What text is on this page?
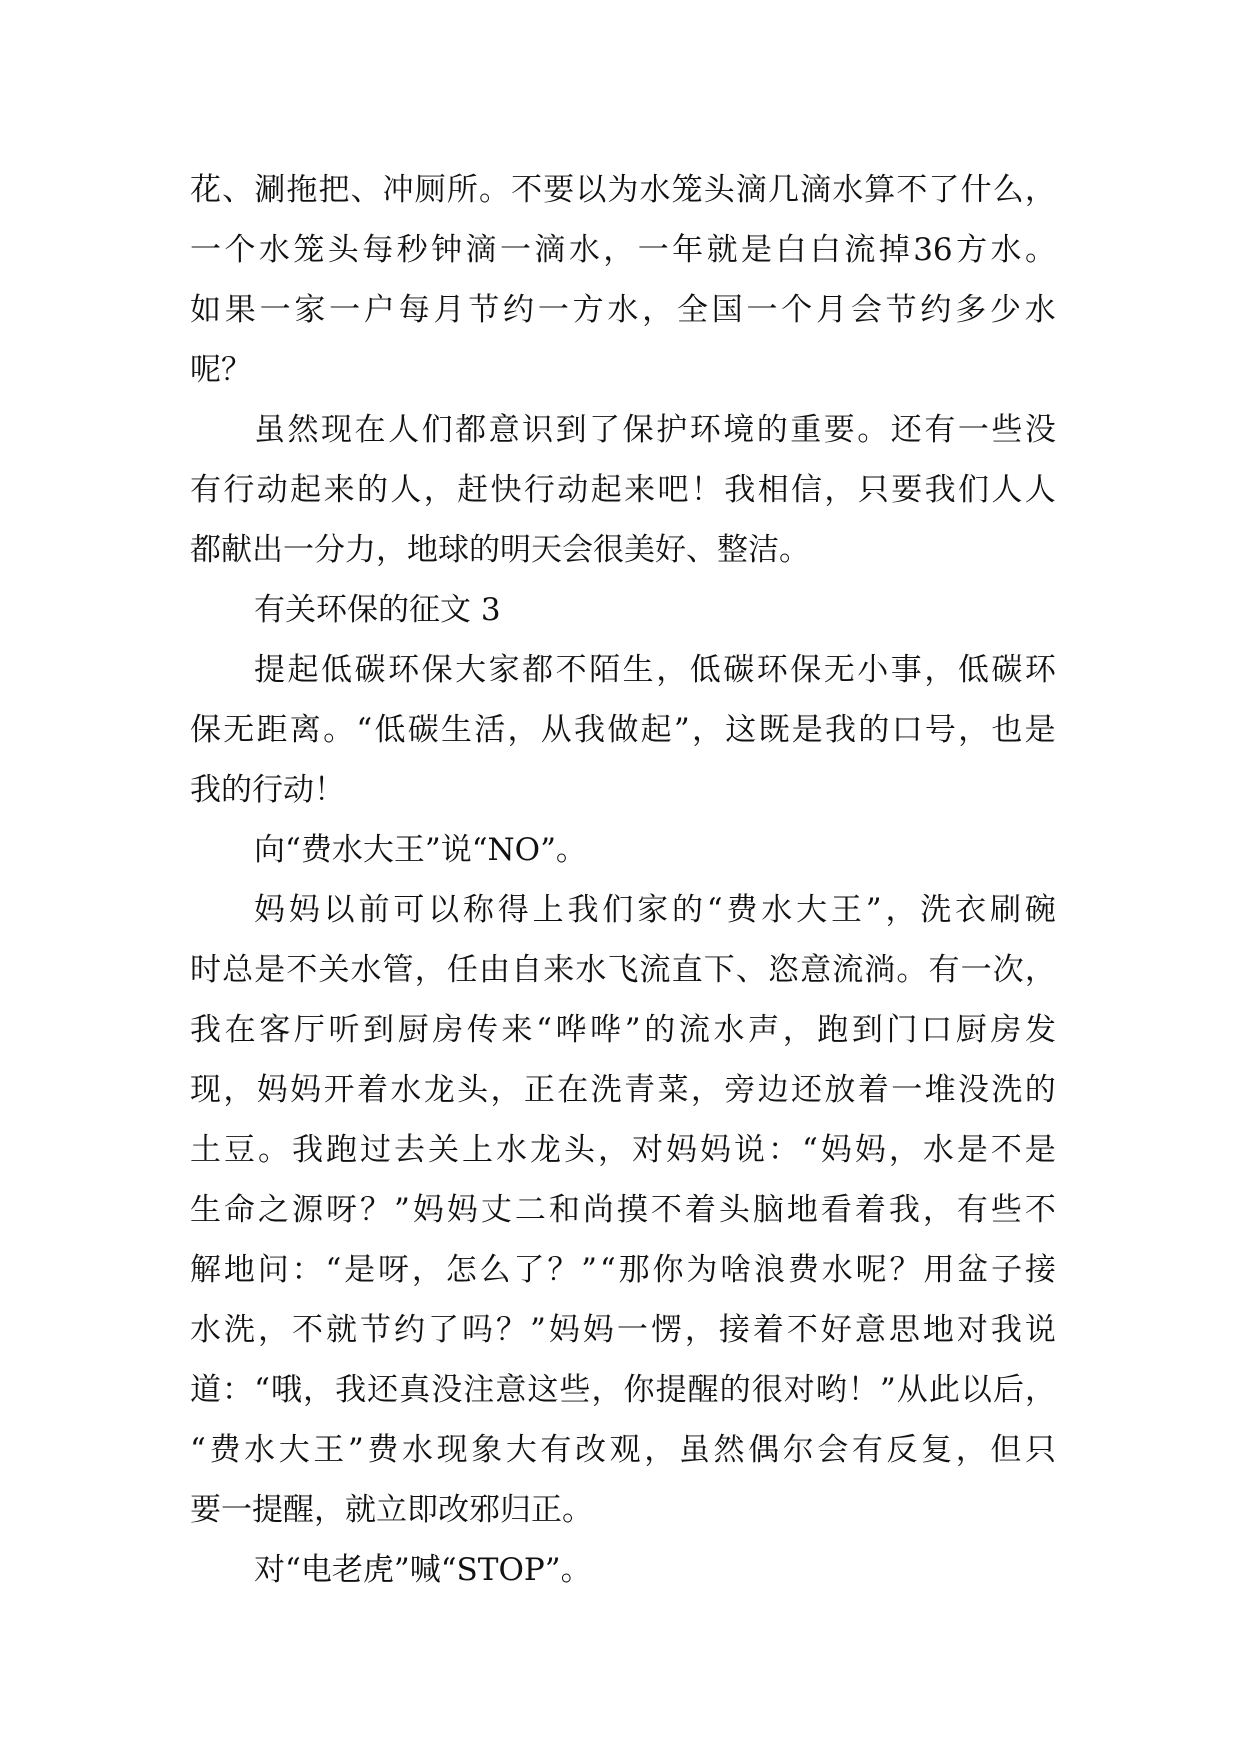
花 、 涮 拖 把 、 冲 厕 所 。 不 要 以 为 水 笼 头 滴 几 滴 水 算 不 了 什 么 ，
一 个 水 笼 头 每 秒 钟 滴 一 滴 水 ， 一 年 就 是 白 白 流 掉 36 方 水 。
如 果 一 家 一 户 每 月 节 约 一 方 水 ， 全 国 一 个 月 会 节 约 多 少 水
呢？
虽 然 现 在 人 们 都 意 识 到 了 保 护 环 境 的 重 要 。 还 有 一 些 没
有 行 动 起 来 的 人 ， 赶 快 行 动 起 来 吧 ！ 我 相 信 ， 只 要 我 们 人 人
都献出一分力，地球的明天会很美好、整洁。
有关环保的征文 3
提 起 低 碳 环 保 大 家 都 不 陌 生 ， 低 碳 环 保 无 小 事 ， 低 碳 环
保 无 距 离 。 “ 低 碳 生 活 ， 从 我 做 起 ” ， 这 既 是 我 的 口 号 ， 也 是
我的行动！
向“费水大王”说“NO”。
妈 妈 以 前 可 以 称 得 上 我 们 家 的 “ 费 水 大 王 ” ， 洗 衣 刷 碗
时 总 是 不 关 水 管 ， 任 由 自 来 水 飞 流 直 下 、 恣 意 流 淌 。 有 一 次 ，
我 在 客 厅 听 到 厨 房 传 来 “ 哗 哗 ” 的 流 水 声 ， 跑 到 门 口 厨 房 发
现 ， 妈 妈 开 着 水 龙 头 ， 正 在 洗 青 菜 ， 旁 边 还 放 着 一 堆 没 洗 的
土 豆 。 我 跑 过 去 关 上 水 龙 头 ， 对 妈 妈 说 ： “ 妈 妈 ， 水 是 不 是
生 命 之 源 呀 ？ ” 妈 妈 丈 二 和 尚 摸 不 着 头 脑 地 看 着 我 ， 有 些 不
解 地 问 ： “ 是 呀 ， 怎 么 了 ？ ” “ 那 你 为 啥 浪 费 水 呢 ？ 用 盆 子 接
水 洗 ， 不 就 节 约 了 吗 ？ ” 妈 妈 一 愣 ， 接 着 不 好 意 思 地 对 我 说
道 ： “ 哦 ， 我 还 真 没 注 意 这 些 ， 你 提 醒 的 很 对 哟 ！ ” 从 此 以 后 ，
“ 费 水 大 王 ” 费 水 现 象 大 有 改 观 ， 虽 然 偶 尔 会 有 反 复 ， 但 只
要一提醒，就立即改邪归正。
对“电老虎”喊“STOP”。
